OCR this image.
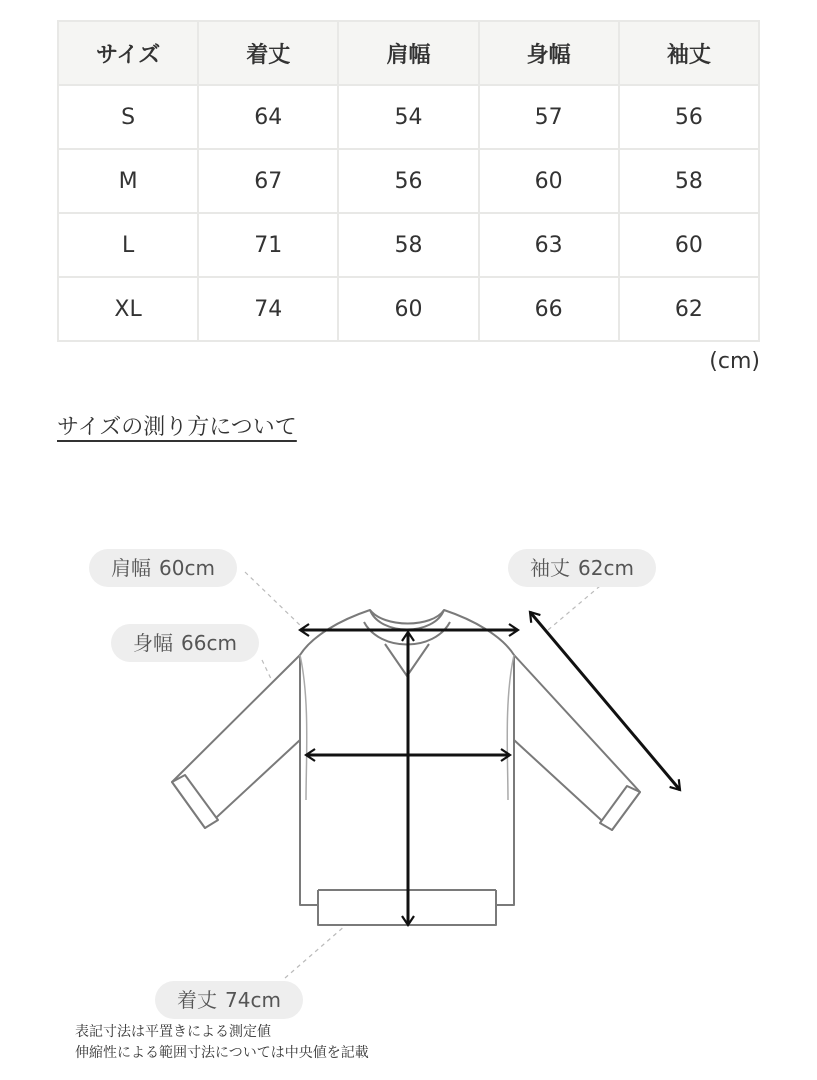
サイズ	着丈	肩幅	身幅	袖丈
S	64	54	57	56
M	67	56	60	58
L	71	58	63	60
XL	74	60	66	62
(cm)
サイズの測り方について
肩幅 60cm	袖丈 62cm
身幅 66cm
着丈 74cm
表記寸法は平置きによる測定値
伸縮性による範囲寸法については中央値を記載
